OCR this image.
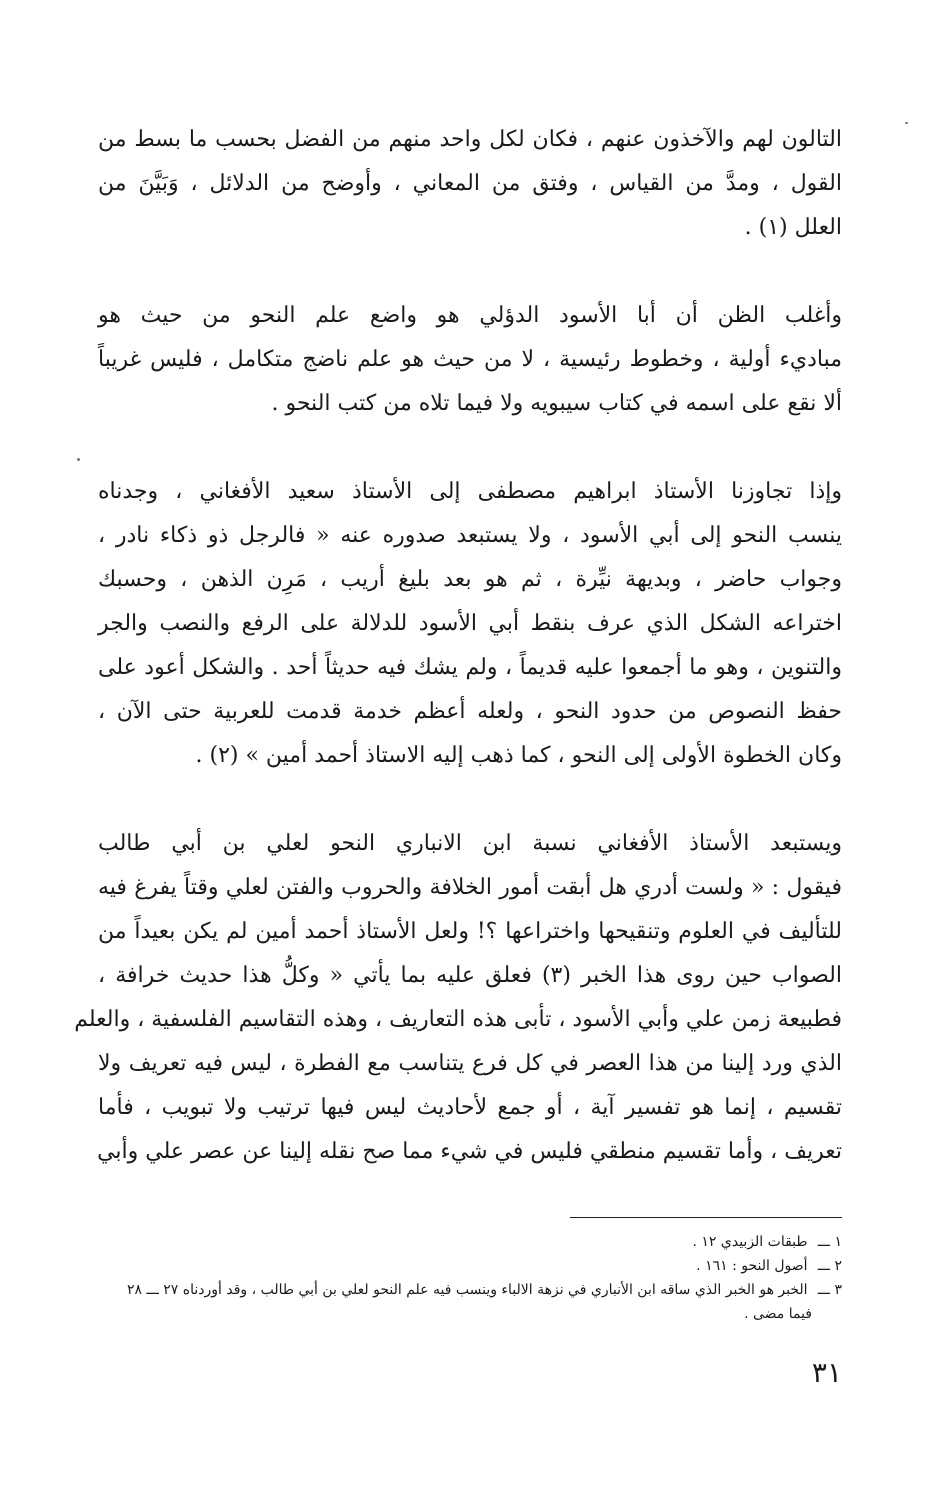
التالون لهم والآخذون عنهم ، فكان لكل واحد منهم من الفضل بحسب ما بسط من
القول ، ومدَّ من القياس ، وفتق من المعاني ، وأوضح من الدلائل ، وَبَيَّنَ من
العلل (١) .

وأغلب الظن أن أبا الأسود الدؤلي هو واضع علم النحو من حيث هو
مباديء أولية ، وخطوط رئيسية ، لا من حيث هو علم ناضج متكامل ، فليس غريباً
ألا نقع على اسمه في كتاب سيبويه ولا فيما تلاه من كتب النحو .

وإذا تجاوزنا الأستاذ ابراهيم مصطفى إلى الأستاذ سعيد الأفغاني ، وجدناه
ينسب النحو إلى أبي الأسود ، ولا يستبعد صدوره عنه « فالرجل ذو ذكاء نادر ،
وجواب حاضر ، وبديهة نيِّرة ، ثم هو بعد بليغ أريب ، مَرِن الذهن ، وحسبك
اختراعه الشكل الذي عرف بنقط أبي الأسود للدلالة على الرفع والنصب والجر
والتنوين ، وهو ما أجمعوا عليه قديماً ، ولم يشك فيه حديثاً أحد . والشكل أعود على
حفظ النصوص من حدود النحو ، ولعله أعظم خدمة قدمت للعربية حتى الآن ،
وكان الخطوة الأولى إلى النحو ، كما ذهب إليه الاستاذ أحمد أمين » (٢) .

ويستبعد الأستاذ الأفغاني نسبة ابن الانباري النحو لعلي بن أبي طالب
فيقول : « ولست أدري هل أبقت أمور الخلافة والحروب والفتن لعلي وقتاً يفرغ فيه
للتأليف في العلوم وتنقيحها واختراعها ؟! ولعل الأستاذ أحمد أمين لم يكن بعيداً من
الصواب حين روى هذا الخبر (٣) فعلق عليه بما يأتي « وكلُّ هذا حديث خرافة ،
فطبيعة زمن علي وأبي الأسود ، تأبى هذه التعاريف ، وهذه التقاسيم الفلسفية ، والعلم
الذي ورد إلينا من هذا العصر في كل فرع يتناسب مع الفطرة ، ليس فيه تعريف ولا
تقسيم ، إنما هو تفسير آية ، أو جمع لأحاديث ليس فيها ترتيب ولا تبويب ، فأما
تعريف ، وأما تقسيم منطقي فليس في شيء مما صح نقله إلينا عن عصر علي وأبي

١ ـــ طبقات الزبيدي ١٢ .
٢ ـــ أصول النحو : ١٦١ .
٣ ـــ الخبر هو الخبر الذي ساقه ابن الأنباري في نزهة الالباء وينسب فيه علم النحو لعلي بن أبي طالب ، وقد أوردناه ٢٧ ـــ ٢٨
فيما مضى .
٣١
